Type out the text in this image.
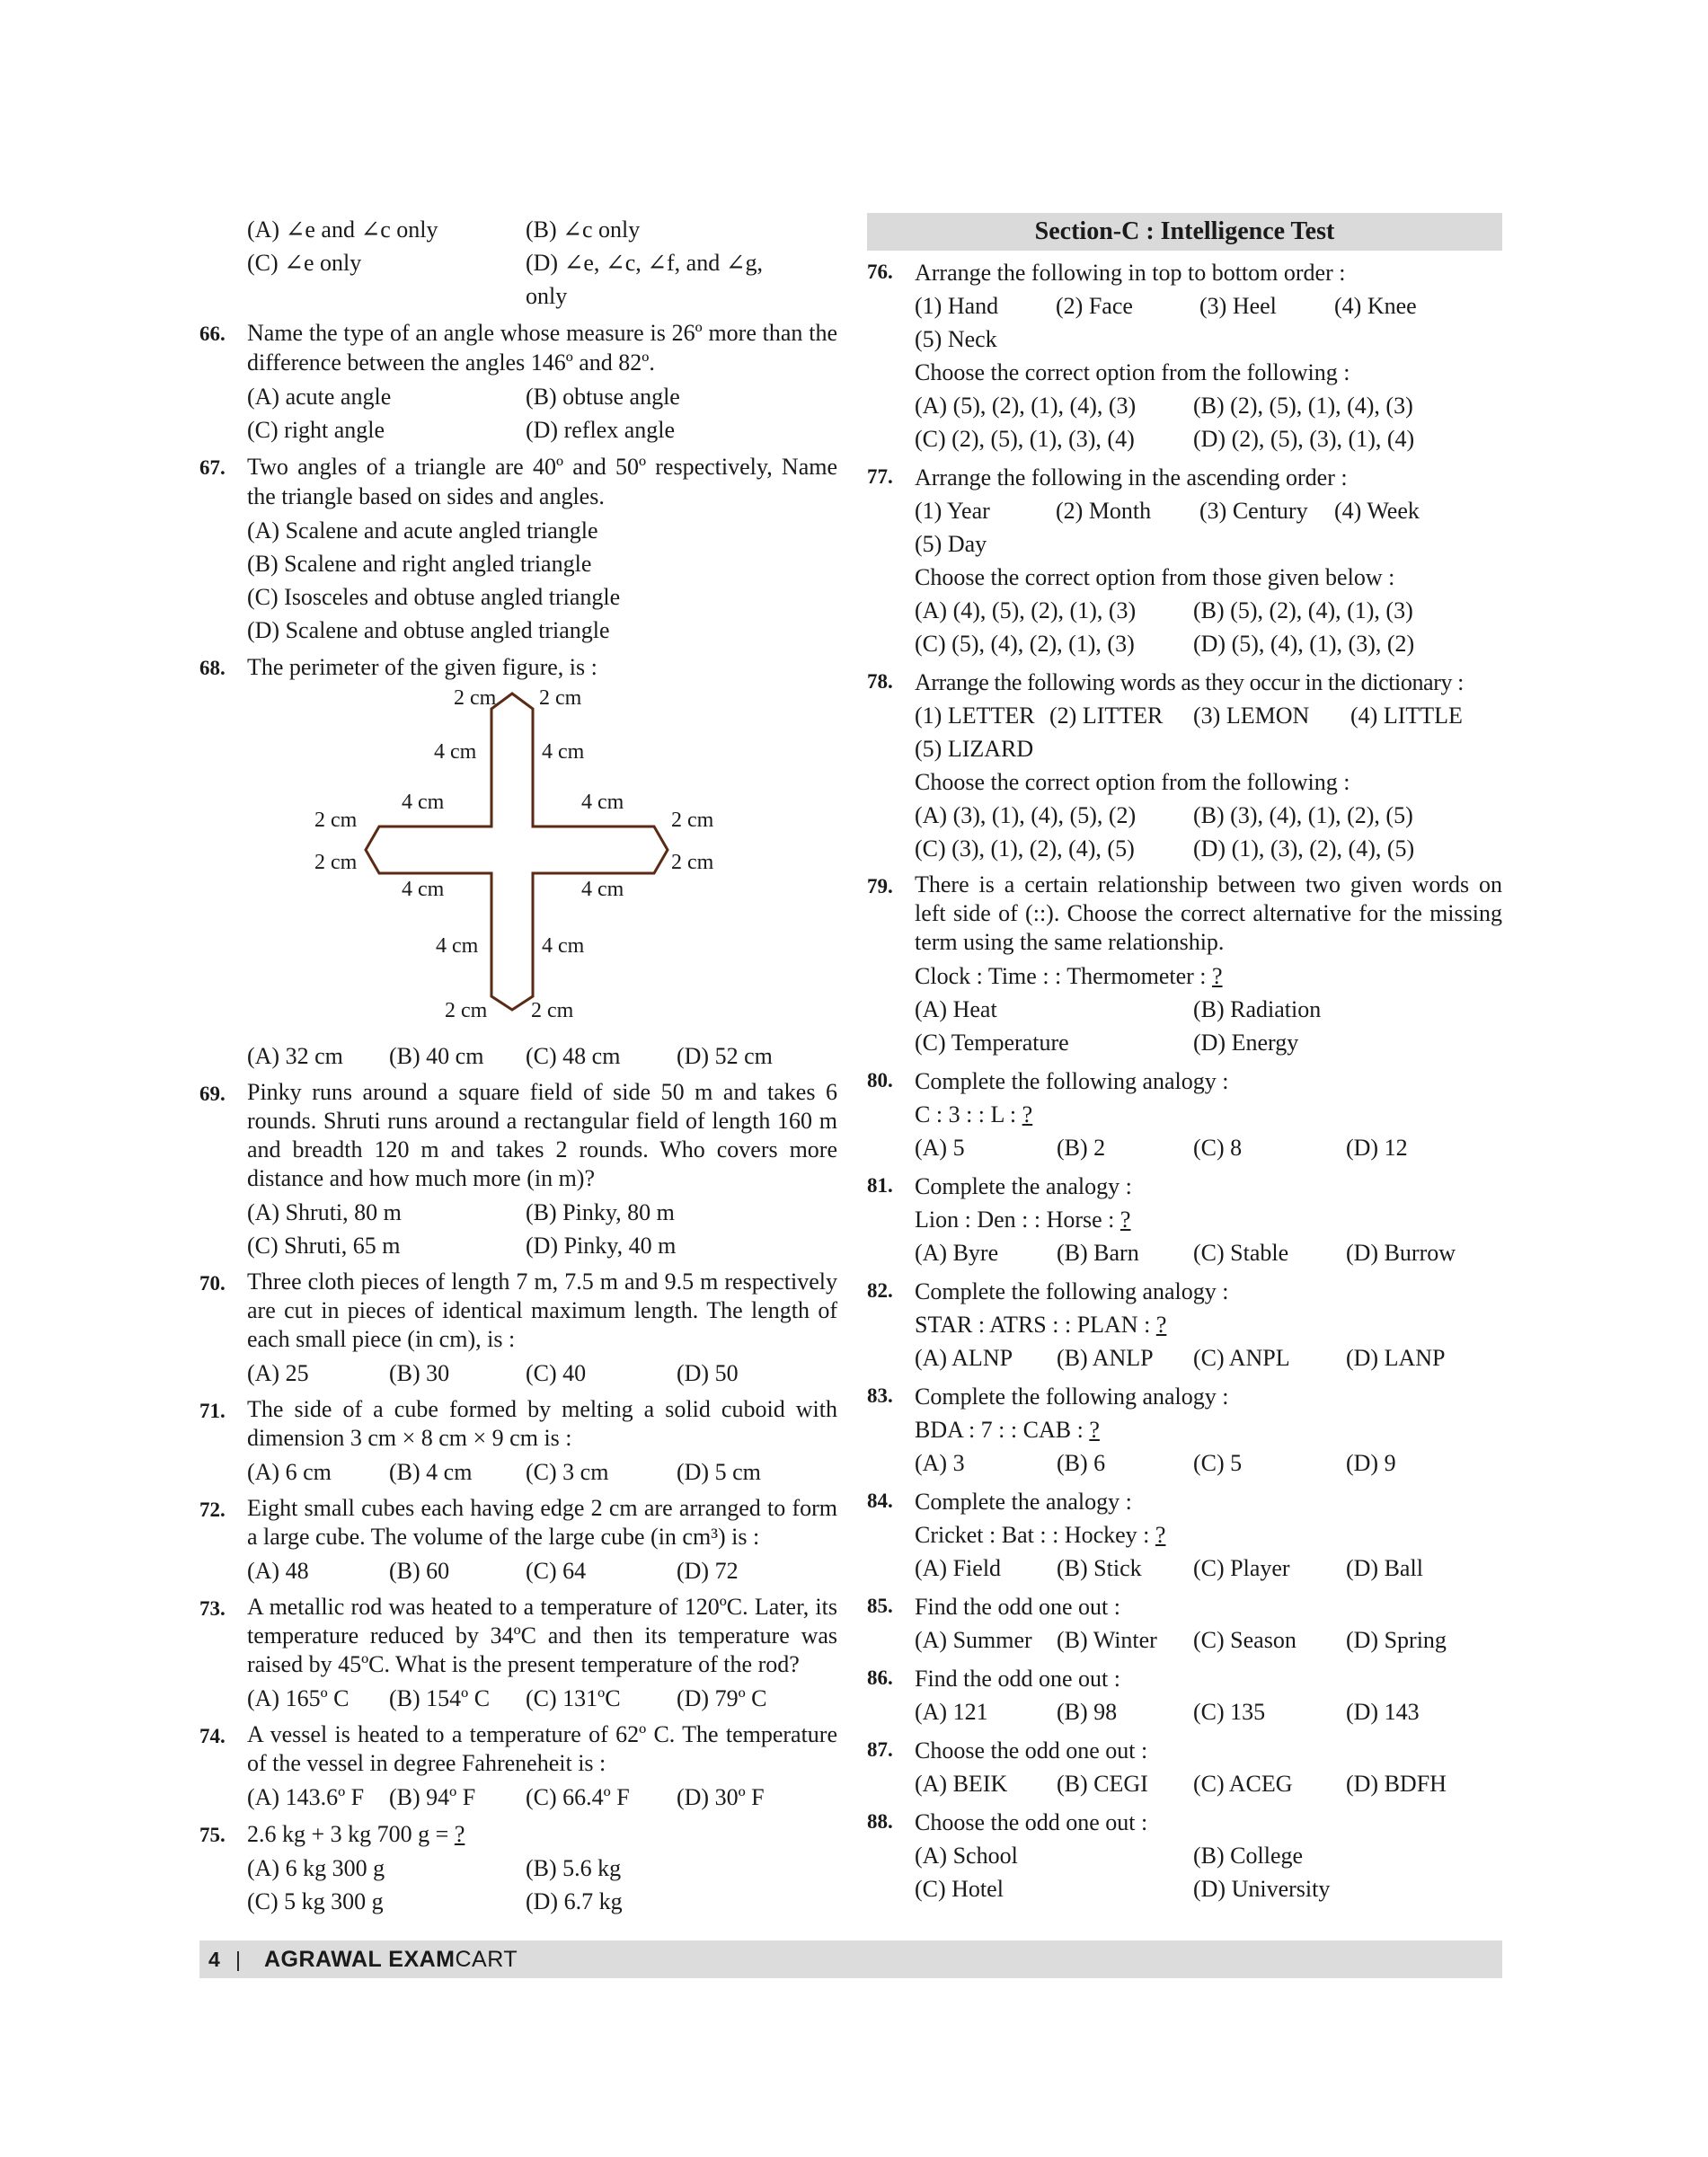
(A) ∠e and ∠c only	(B) ∠c only
(C) ∠e only	(D) ∠e, ∠c, ∠f, and ∠g, only
66. Name the type of an angle whose measure is 26º more than the difference between the angles 146º and 82º.
(A) acute angle	(B) obtuse angle
(C) right angle	(D) reflex angle
67. Two angles of a triangle are 40º and 50º respectively, Name the triangle based on sides and angles.
(A) Scalene and acute angled triangle
(B) Scalene and right angled triangle
(C) Isosceles and obtuse angled triangle
(D) Scalene and obtuse angled triangle
68. The perimeter of the given figure, is :
2 cm 2 cm
4 cm	4 cm
4 cm	4 cm
2 cm	2 cm
2 cm	2 cm
4 cm	4 cm
4 cm	4 cm
2 cm 2 cm
(A) 32 cm	(B) 40 cm	(C) 48 cm	(D) 52 cm
69. Pinky runs around a square field of side 50 m and takes 6 rounds. Shruti runs around a rectangular field of length 160 m and breadth 120 m and takes 2 rounds. Who covers more distance and how much more (in m)?
(A) Shruti, 80 m	(B) Pinky, 80 m
(C) Shruti, 65 m	(D) Pinky, 40 m
70. Three cloth pieces of length 7 m, 7.5 m and 9.5 m respectively are cut in pieces of identical maximum length. The length of each small piece (in cm), is :
(A) 25	(B) 30	(C) 40	(D) 50
71. The side of a cube formed by melting a solid cuboid with dimension 3 cm × 8 cm × 9 cm is :
(A) 6 cm	(B) 4 cm	(C) 3 cm	(D) 5 cm
72. Eight small cubes each having edge 2 cm are arranged to form a large cube. The volume of the large cube (in cm³) is :
(A) 48	(B) 60	(C) 64	(D) 72
73. A metallic rod was heated to a temperature of 120ºC. Later, its temperature reduced by 34ºC and then its temperature was raised by 45ºC. What is the present temperature of the rod?
(A) 165º C	(B) 154º C	(C) 131ºC	(D) 79º C
74. A vessel is heated to a temperature of 62º C. The temperature of the vessel in degree Fahreneheit is :
(A) 143.6º F	(B) 94º F	(C) 66.4º F	(D) 30º F
75. 2.6 kg + 3 kg 700 g = ?
(A) 6 kg 300 g	(B) 5.6 kg
(C) 5 kg 300 g	(D) 6.7 kg
Section-C : Intelligence Test
76. Arrange the following in top to bottom order :
(1) Hand	(2) Face	(3) Heel	(4) Knee
(5) Neck
Choose the correct option from the following :
(A) (5), (2), (1), (4), (3)	(B) (2), (5), (1), (4), (3)
(C) (2), (5), (1), (3), (4)	(D) (2), (5), (3), (1), (4)
77. Arrange the following in the ascending order :
(1) Year	(2) Month	(3) Century	(4) Week
(5) Day
Choose the correct option from those given below :
(A) (4), (5), (2), (1), (3)	(B) (5), (2), (4), (1), (3)
(C) (5), (4), (2), (1), (3)	(D) (5), (4), (1), (3), (2)
78. Arrange the following words as they occur in the dictionary :
(1) LETTER (2) LITTER	(3) LEMON	(4) LITTLE
(5) LIZARD
Choose the correct option from the following :
(A) (3), (1), (4), (5), (2)	(B) (3), (4), (1), (2), (5)
(C) (3), (1), (2), (4), (5)	(D) (1), (3), (2), (4), (5)
79. There is a certain relationship between two given words on left side of (::). Choose the correct alternative for the missing term using the same relationship.
Clock : Time : : Thermometer : ?
(A) Heat	(B) Radiation
(C) Temperature	(D) Energy
80. Complete the following analogy :
C : 3 : : L : ?
(A) 5	(B) 2	(C) 8	(D) 12
81. Complete the analogy :
Lion : Den : : Horse : ?
(A) Byre	(B) Barn	(C) Stable	(D) Burrow
82. Complete the following analogy :
STAR : ATRS : : PLAN : ?
(A) ALNP	(B) ANLP	(C) ANPL	(D) LANP
83. Complete the following analogy :
BDA : 7 : : CAB : ?
(A) 3	(B) 6	(C) 5	(D) 9
84. Complete the analogy :
Cricket : Bat : : Hockey : ?
(A) Field	(B) Stick	(C) Player	(D) Ball
85. Find the odd one out :
(A) Summer	(B) Winter	(C) Season	(D) Spring
86. Find the odd one out :
(A) 121	(B) 98	(C) 135	(D) 143
87. Choose the odd one out :
(A) BEIK	(B) CEGI	(C) ACEG	(D) BDFH
88. Choose the odd one out :
(A) School	(B) College
(C) Hotel	(D) University
4 | AGRAWAL EXAMCART
